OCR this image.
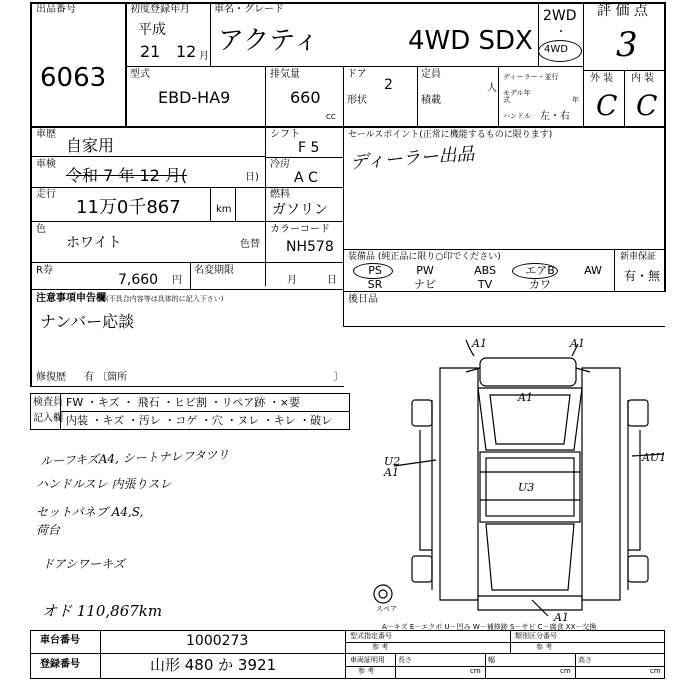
出品番号
6063
初度登録年月
平成
21 12 月
車名・グレード
アクティ	4WD SDX
2WD
・
4WD
評 価 点
3
型式
EBD-HA9
排気量
660
CC
ドア
2
形状
定員
人
積載
ディーラー・並行
モデル年式	年
ハンドル 左・右
外 装 内 装
C C
車歴
自家用
車検
令和 7 年 12 月(	日)
走行
11万0千867	km
シフト
F 5
冷房
A C
燃料
ガソリン
色
ホワイト	色替
カラーコード
NH578
R券
7,660 円
名変期限
月	日
セールスポイント(正常に機能するものに限ります)
ディーラー出品
装備品 (純正品に限り○印でください)	新車保証
有・無
PS	PW	ABS	エアB	AW
SR	ナビ	TV	カワ
後日品
注意事項申告欄 (不具合内容等は具体的に記入下さい)
ナンバー応談
修復歴 有 〔箇所	〕
検査員
記入欄
FW ・キズ ・ 飛石 ・ヒビ割 ・リペア跡 ・×要
内装 ・キズ ・汚レ ・コゲ ・穴 ・ヌレ ・キレ ・破レ
ルーフキズA4, シートナレフタツリ
ハンドルスレ 内張りスレ
セットパネブ A4,S,
荷台
ドアシワーキズ
オド 110,867km
A1	A1
A1
U2
A1
AU1
U3
A1
スペア
A－キズ E－エクボ U－凹み W－補修跡 S－サビ C－腐食 XX－交換
車台番号	1000273
登録番号	山形 480 か 3921
型式指定番号
参 考
類別区分番号
参 考
車両証明用
参 考
長さ
cm
幅
cm
高さ
cm
